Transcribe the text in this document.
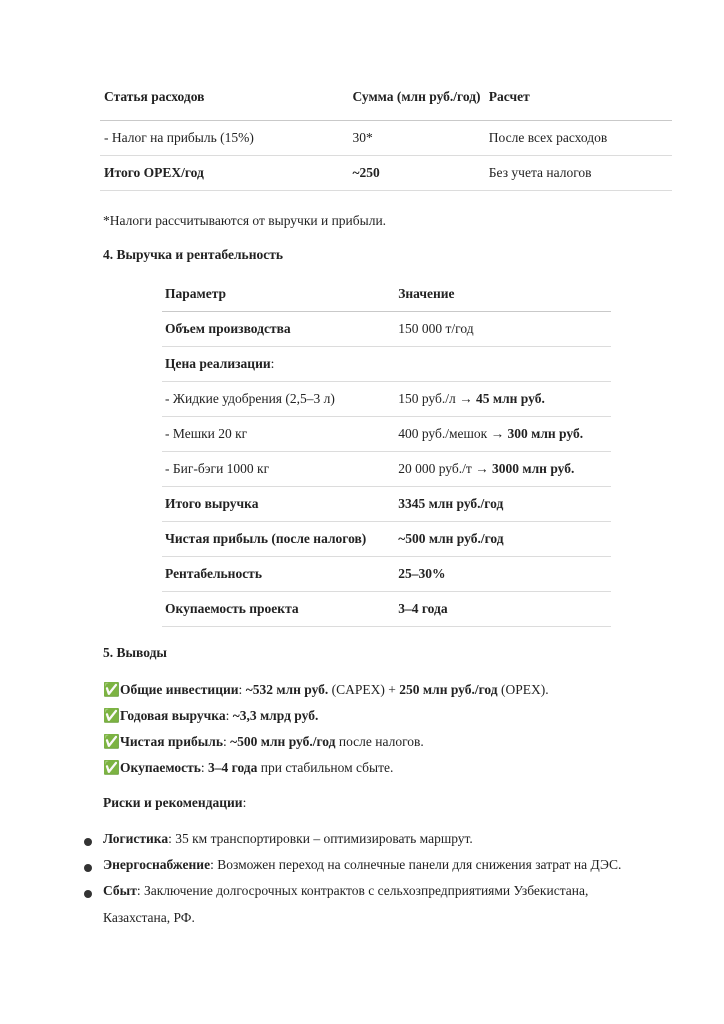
Статья расходов	Сумма (млн руб./год)	Расчет
- Налог на прибыль (15%)	30*	После всех расходов
Итого OPEX/год	~250	Без учета налогов
*Налоги рассчитываются от выручки и прибыли.
4. Выручка и рентабельность
Параметр	Значение
Объем производства	150 000 т/год
Цена реализации:	
- Жидкие удобрения (2,5–3 л)	150 руб./л → 45 млн руб.
- Мешки 20 кг	400 руб./мешок → 300 млн руб.
- Биг-бэги 1000 кг	20 000 руб./т → 3000 млн руб.
Итого выручка	3345 млн руб./год
Чистая прибыль (после налогов)	~500 млн руб./год
Рентабельность	25–30%
Окупаемость проекта	3–4 года
5. Выводы
✅Общие инвестиции: ~532 млн руб. (CAPEX) + 250 млн руб./год (OPEX).
✅Годовая выручка: ~3,3 млрд руб.
✅Чистая прибыль: ~500 млн руб./год после налогов.
✅Окупаемость: 3–4 года при стабильном сбыте.
Риски и рекомендации:
Логистика: 35 км транспортировки – оптимизировать маршрут.
Энергоснабжение: Возможен переход на солнечные панели для снижения затрат на ДЭС.
Сбыт: Заключение долгосрочных контрактов с сельхозпредприятиями Узбекистана,
Казахстана, РФ.
